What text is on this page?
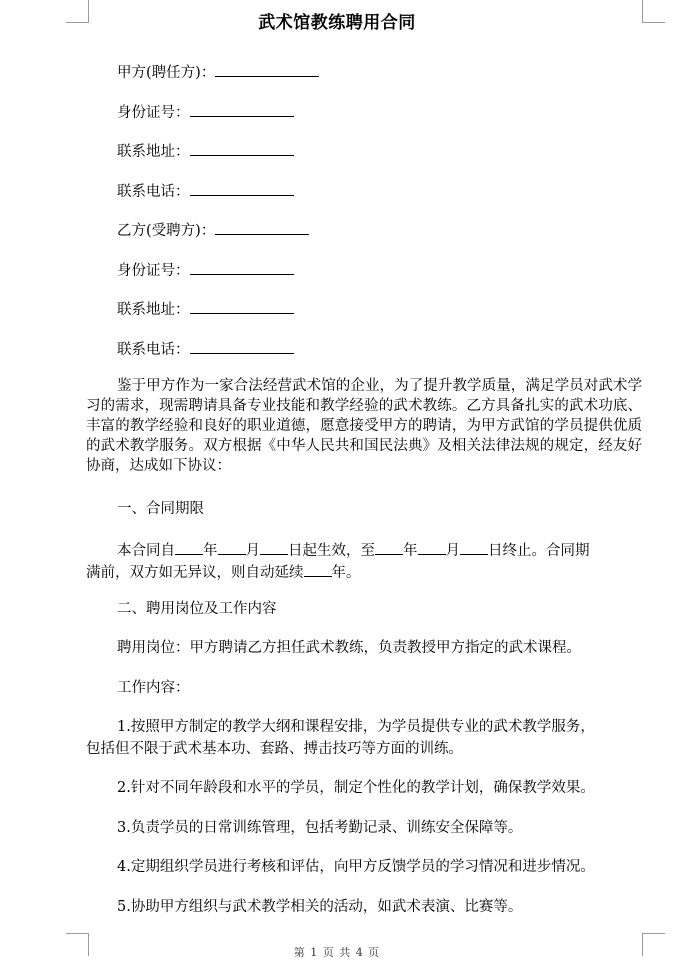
武术馆教练聘用合同
甲方(聘任方)：
身份证号：
联系地址：
联系电话：
乙方(受聘方)：
身份证号：
联系地址：
联系电话：
鉴于甲方作为一家合法经营武术馆的企业，为了提升教学质量，满足学员对武术学习的需求，现需聘请具备专业技能和教学经验的武术教练。乙方具备扎实的武术功底、丰富的教学经验和良好的职业道德，愿意接受甲方的聘请，为甲方武馆的学员提供优质的武术教学服务。双方根据《中华人民共和国民法典》及相关法律法规的规定，经友好协商，达成如下协议：
一、合同期限
本合同自 年 月 日起生效，至 年 月 日终止。合同期
满前，双方如无异议，则自动延续 年。
二、聘用岗位及工作内容
聘用岗位：甲方聘请乙方担任武术教练，负责教授甲方指定的武术课程。
工作内容：
1.按照甲方制定的教学大纲和课程安排，为学员提供专业的武术教学服务，
包括但不限于武术基本功、套路、搏击技巧等方面的训练。
2.针对不同年龄段和水平的学员，制定个性化的教学计划，确保教学效果。
3.负责学员的日常训练管理，包括考勤记录、训练安全保障等。
4.定期组织学员进行考核和评估，向甲方反馈学员的学习情况和进步情况。
5.协助甲方组织与武术教学相关的活动，如武术表演、比赛等。
第 1 页 共 4 页
